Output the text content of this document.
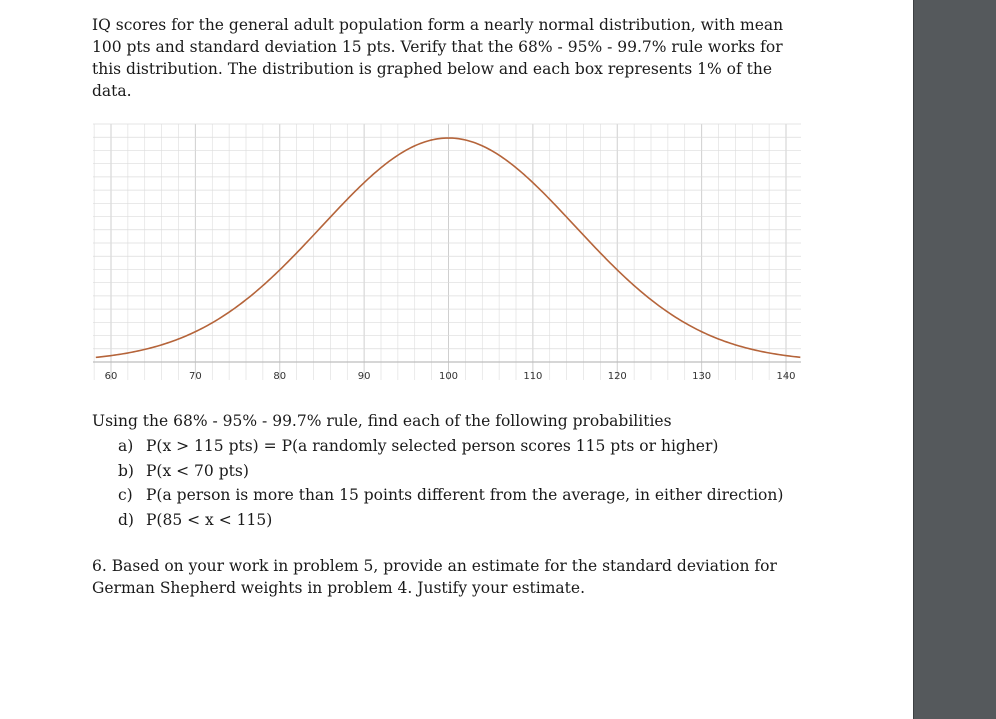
IQ scores for the general adult population form a nearly normal distribution, with mean 100 pts and standard deviation 15 pts. Verify that the 68% - 95% - 99.7% rule works for this distribution. The distribution is graphed below and each box represents 1% of the data.

60	70	80	90	100	110	120	130	140

Using the 68% - 95% - 99.7% rule, find each of the following probabilities

a) P(x > 115 pts) = P(a randomly selected person scores 115 pts or higher)
b) P(x < 70 pts)
c) P(a person is more than 15 points different from the average, in either direction)
d) P(85 < x < 115)

6. Based on your work in problem 5, provide an estimate for the standard deviation for German Shepherd weights in problem 4. Justify your estimate.
